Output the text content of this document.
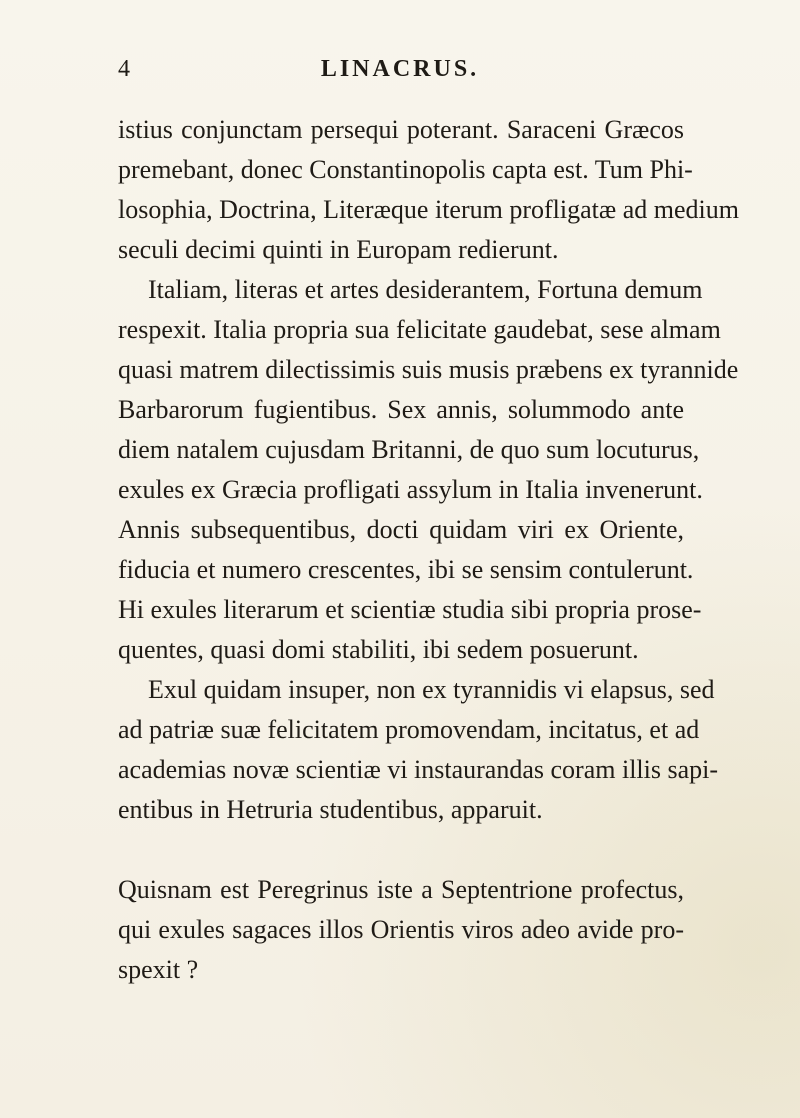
4	LINACRUS.

istius conjunctam persequi poterant. Saraceni Græcos
premebant, donec Constantinopolis capta est. Tum Phi-
losophia, Doctrina, Literæque iterum profligatæ ad medium
seculi decimi quinti in Europam redierunt.

Italiam, literas et artes desiderantem, Fortuna demum
respexit. Italia propria sua felicitate gaudebat, sese almam
quasi matrem dilectissimis suis musis præbens ex tyrannide
Barbarorum fugientibus. Sex annis, solummodo ante
diem natalem cujusdam Britanni, de quo sum locuturus,
exules ex Græcia profligati assylum in Italia invenerunt.
Annis subsequentibus, docti quidam viri ex Oriente,
fiducia et numero crescentes, ibi se sensim contulerunt.
Hi exules literarum et scientiæ studia sibi propria prose-
quentes, quasi domi stabiliti, ibi sedem posuerunt.

Exul quidam insuper, non ex tyrannidis vi elapsus, sed
ad patriæ suæ felicitatem promovendam, incitatus, et ad
academias novæ scientiæ vi instaurandas coram illis sapi-
entibus in Hetruria studentibus, apparuit.

Quisnam est Peregrinus iste a Septentrione profectus,
qui exules sagaces illos Orientis viros adeo avide pro-
spexit ?
